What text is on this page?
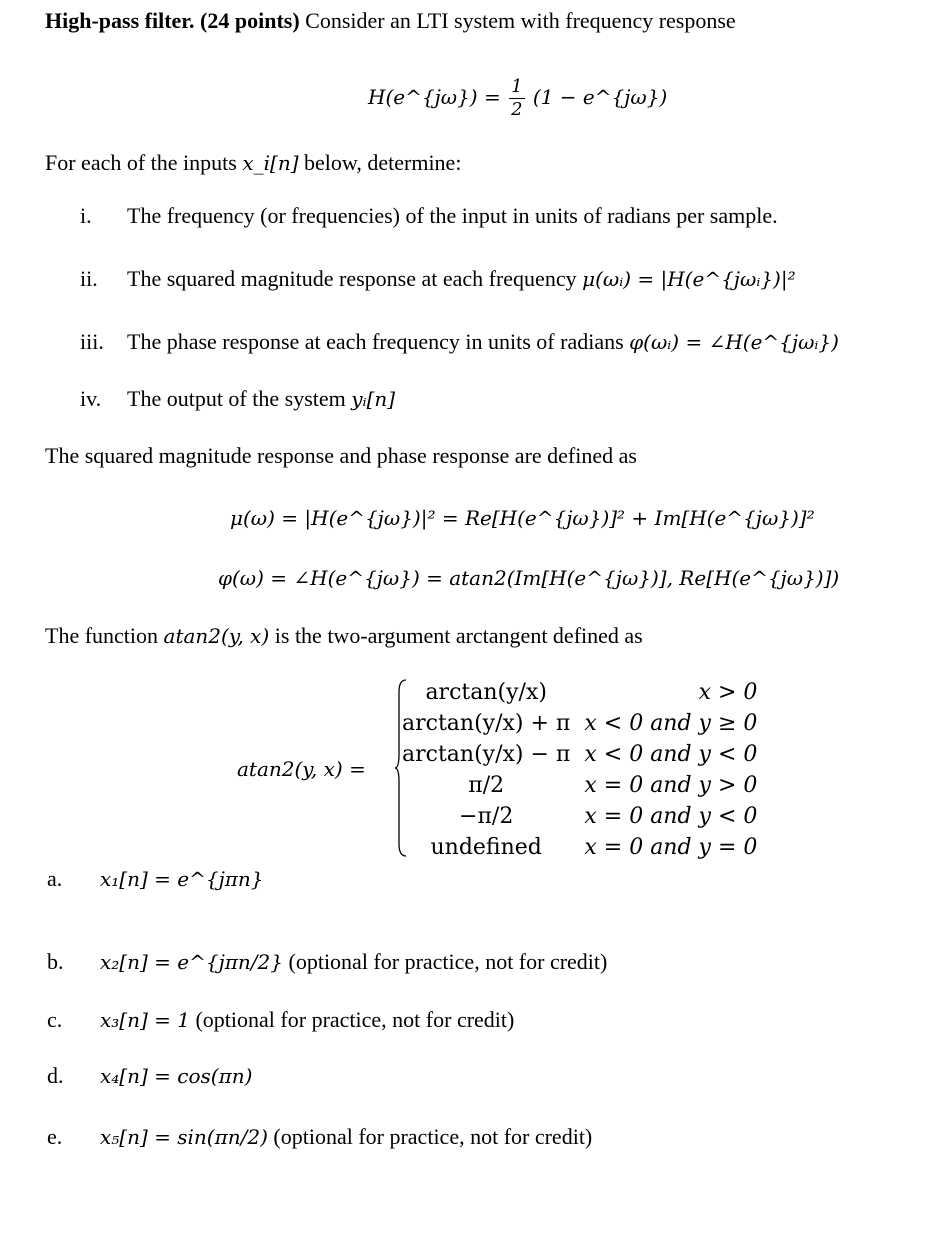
High-pass filter. (24 points) Consider an LTI system with frequency response
H(e^{jω}) = $\frac{1}{2} (1$ − e^{jω})
For each of the inputs x_i[n] below, determine:
i. The frequency (or frequencies) of the input in units of radians per sample.
ii. The squared magnitude response at each frequency μ(ωᵢ) = |H(e^{jωᵢ})|²
iii. The phase response at each frequency in units of radians φ(ωᵢ) = ∠H(e^{jωᵢ})
iv. The output of the system yᵢ[n]
The squared magnitude response and phase response are defined as
μ(ω) = |H(e^{jω})|² = Re[H(e^{jω})]² + Im[H(e^{jω})]²
φ(ω) = ∠H(e^{jω}) = atan2(Im[H(e^{jω})], Re[H(e^{jω})])
The function atan2(y, x) is the two-argument arctangent defined as
atan2(y, x) =
arctan(y/x)	x > 0
arctan(y/x) + π	x < 0 and y ≥ 0
arctan(y/x) − π	x < 0 and y < 0
π/2	x = 0 and y > 0
−π/2	x = 0 and y < 0
undefined	x = 0 and y = 0
a. x₁[n] = e^{jπn}
b. x₂[n] = e^{jπn/2} (optional for practice, not for credit)
c. x₃[n] = 1 (optional for practice, not for credit)
d. x₄[n] = cos(πn)
e. x₅[n] = sin(πn/2) (optional for practice, not for credit)
